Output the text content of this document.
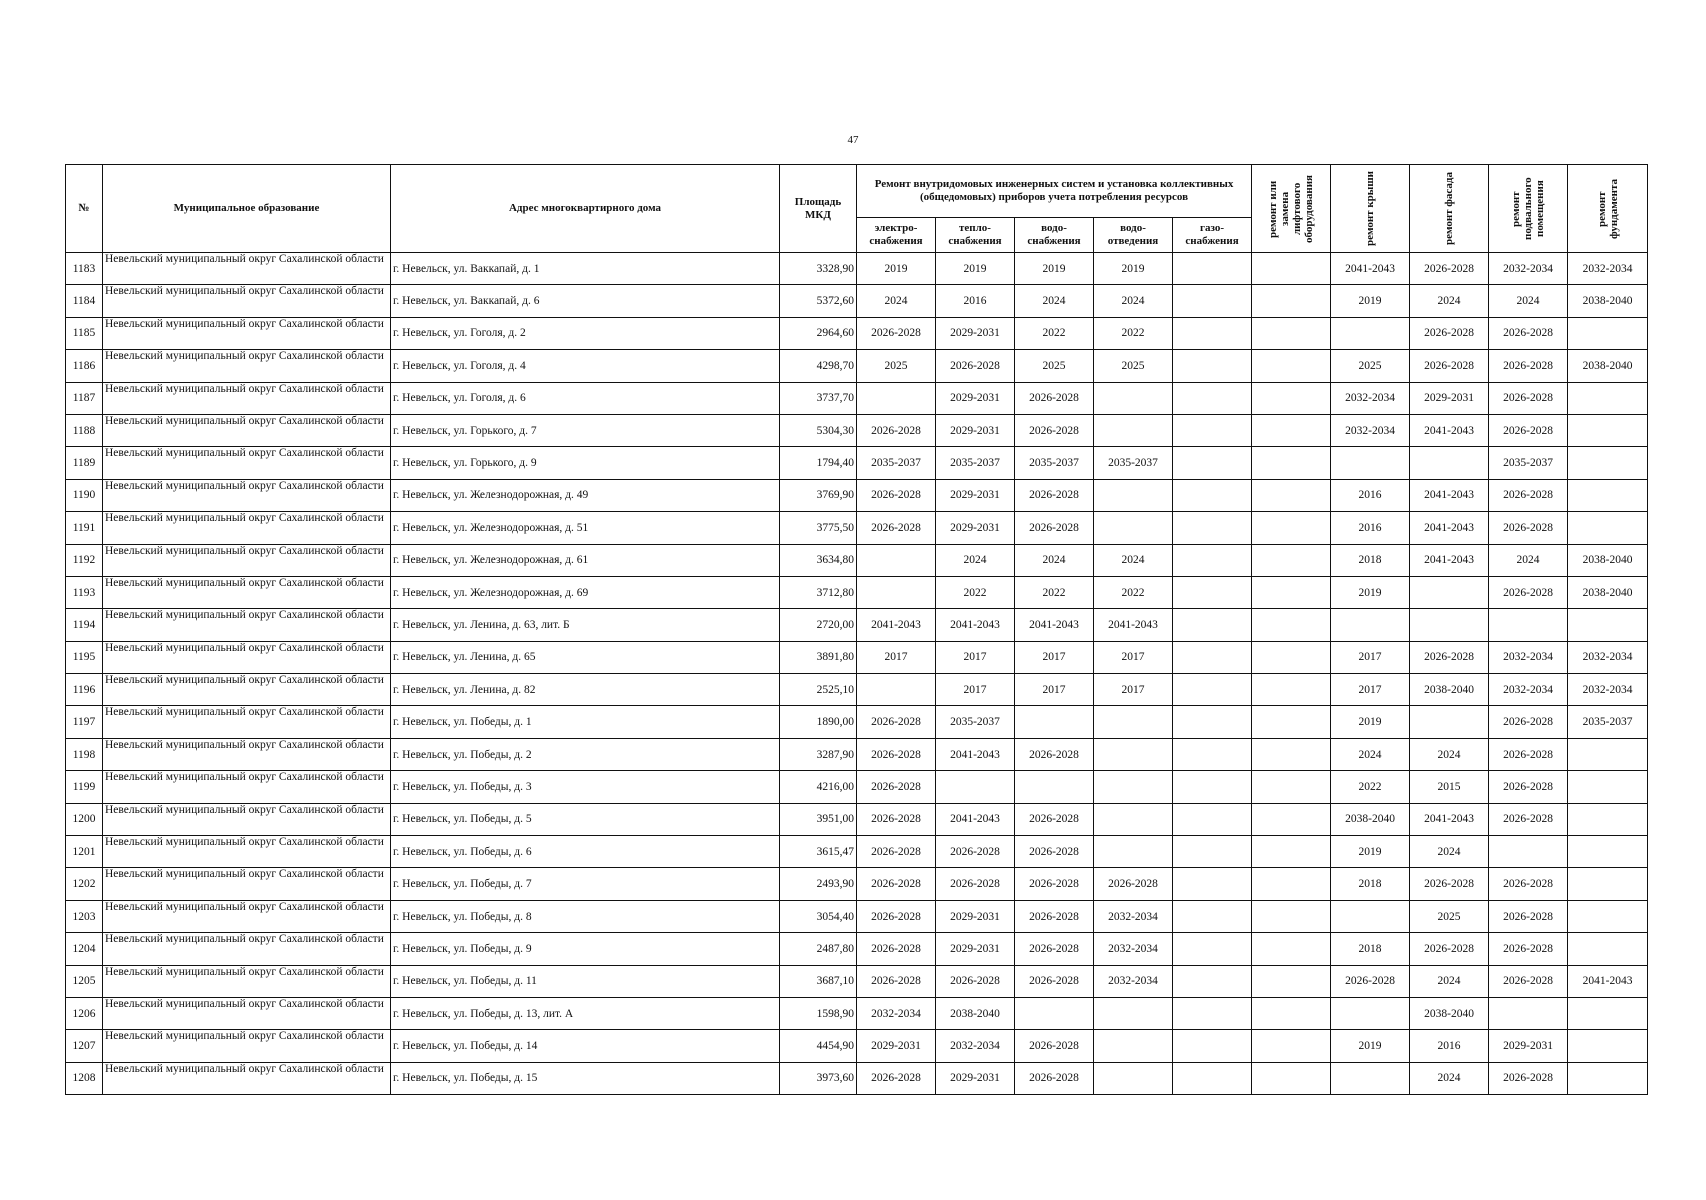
47
№	Муниципальное образование	Адрес многоквартирного дома	Площадь МКД	Ремонт внутридомовых инженерных систем и установка коллективных (общедомовых) приборов учета потребления ресурсов					ремонт или замена лифтового оборудования	ремонт крыши	ремонт фасада	ремонт подвального помещения	ремонт фундамента

				электро-снабжения	тепло-снабжения	водо-снабжения	водо-отведения	газо-снабжения					
1183	Невельский муниципальный округ Сахалинской области	г. Невельск, ул. Ваккапай, д. 1	3328,90	2019	2019	2019	2019			2041-2043	2026-2028	2032-2034	2032-2034
1184	Невельский муниципальный округ Сахалинской области	г. Невельск, ул. Ваккапай, д. 6	5372,60	2024	2016	2024	2024			2019	2024	2024	2038-2040
1185	Невельский муниципальный округ Сахалинской области	г. Невельск, ул. Гоголя, д. 2	2964,60	2026-2028	2029-2031	2022	2022				2026-2028	2026-2028	
1186	Невельский муниципальный округ Сахалинской области	г. Невельск, ул. Гоголя, д. 4	4298,70	2025	2026-2028	2025	2025			2025	2026-2028	2026-2028	2038-2040
1187	Невельский муниципальный округ Сахалинской области	г. Невельск, ул. Гоголя, д. 6	3737,70		2029-2031	2026-2028				2032-2034	2029-2031	2026-2028	
1188	Невельский муниципальный округ Сахалинской области	г. Невельск, ул. Горького, д. 7	5304,30	2026-2028	2029-2031	2026-2028				2032-2034	2041-2043	2026-2028	
1189	Невельский муниципальный округ Сахалинской области	г. Невельск, ул. Горького, д. 9	1794,40	2035-2037	2035-2037	2035-2037	2035-2037					2035-2037	
1190	Невельский муниципальный округ Сахалинской области	г. Невельск, ул. Железнодорожная, д. 49	3769,90	2026-2028	2029-2031	2026-2028				2016	2041-2043	2026-2028	
1191	Невельский муниципальный округ Сахалинской области	г. Невельск, ул. Железнодорожная, д. 51	3775,50	2026-2028	2029-2031	2026-2028				2016	2041-2043	2026-2028	
1192	Невельский муниципальный округ Сахалинской области	г. Невельск, ул. Железнодорожная, д. 61	3634,80		2024	2024	2024			2018	2041-2043	2024	2038-2040
1193	Невельский муниципальный округ Сахалинской области	г. Невельск, ул. Железнодорожная, д. 69	3712,80		2022	2022	2022			2019		2026-2028	2038-2040
1194	Невельский муниципальный округ Сахалинской области	г. Невельск, ул. Ленина, д. 63, лит. Б	2720,00	2041-2043	2041-2043	2041-2043	2041-2043						
1195	Невельский муниципальный округ Сахалинской области	г. Невельск, ул. Ленина, д. 65	3891,80	2017	2017	2017	2017			2017	2026-2028	2032-2034	2032-2034
1196	Невельский муниципальный округ Сахалинской области	г. Невельск, ул. Ленина, д. 82	2525,10		2017	2017	2017			2017	2038-2040	2032-2034	2032-2034
1197	Невельский муниципальный округ Сахалинской области	г. Невельск, ул. Победы, д. 1	1890,00	2026-2028	2035-2037					2019		2026-2028	2035-2037
1198	Невельский муниципальный округ Сахалинской области	г. Невельск, ул. Победы, д. 2	3287,90	2026-2028	2041-2043	2026-2028				2024	2024	2026-2028	
1199	Невельский муниципальный округ Сахалинской области	г. Невельск, ул. Победы, д. 3	4216,00	2026-2028						2022	2015	2026-2028	
1200	Невельский муниципальный округ Сахалинской области	г. Невельск, ул. Победы, д. 5	3951,00	2026-2028	2041-2043	2026-2028				2038-2040	2041-2043	2026-2028	
1201	Невельский муниципальный округ Сахалинской области	г. Невельск, ул. Победы, д. 6	3615,47	2026-2028	2026-2028	2026-2028				2019	2024		
1202	Невельский муниципальный округ Сахалинской области	г. Невельск, ул. Победы, д. 7	2493,90	2026-2028	2026-2028	2026-2028	2026-2028			2018	2026-2028	2026-2028	
1203	Невельский муниципальный округ Сахалинской области	г. Невельск, ул. Победы, д. 8	3054,40	2026-2028	2029-2031	2026-2028	2032-2034				2025	2026-2028	
1204	Невельский муниципальный округ Сахалинской области	г. Невельск, ул. Победы, д. 9	2487,80	2026-2028	2029-2031	2026-2028	2032-2034			2018	2026-2028	2026-2028	
1205	Невельский муниципальный округ Сахалинской области	г. Невельск, ул. Победы, д. 11	3687,10	2026-2028	2026-2028	2026-2028	2032-2034			2026-2028	2024	2026-2028	2041-2043
1206	Невельский муниципальный округ Сахалинской области	г. Невельск, ул. Победы, д. 13, лит. А	1598,90	2032-2034	2038-2040						2038-2040		
1207	Невельский муниципальный округ Сахалинской области	г. Невельск, ул. Победы, д. 14	4454,90	2029-2031	2032-2034	2026-2028				2019	2016	2029-2031	
1208	Невельский муниципальный округ Сахалинской области	г. Невельск, ул. Победы, д. 15	3973,60	2026-2028	2029-2031	2026-2028					2024	2026-2028	
